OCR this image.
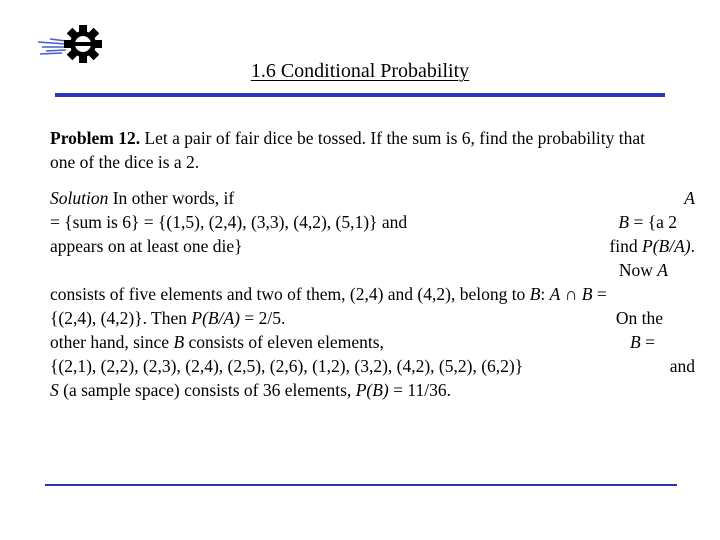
1.6 Conditional Probability
Problem 12. Let a pair of fair dice be tossed. If the sum is 6, find the probability that one of the dice is a 2.
Solution In other words, if	A
= {sum is 6} = {(1,5), (2,4), (3,3), (4,2), (5,1)} and	B = {a 2
appears on at least one die}	find P(B/A).
Now A
consists of five elements and two of them, (2,4) and (4,2), belong to B: A ∩ B =
{(2,4), (4,2)}. Then P(B/A) = 2/5.	On the
other hand, since B consists of eleven elements,	B =
{(2,1), (2,2), (2,3), (2,4), (2,5), (2,6), (1,2), (3,2), (4,2), (5,2), (6,2)}	and
S (a sample space) consists of 36 elements, P(B) = 11/36.
